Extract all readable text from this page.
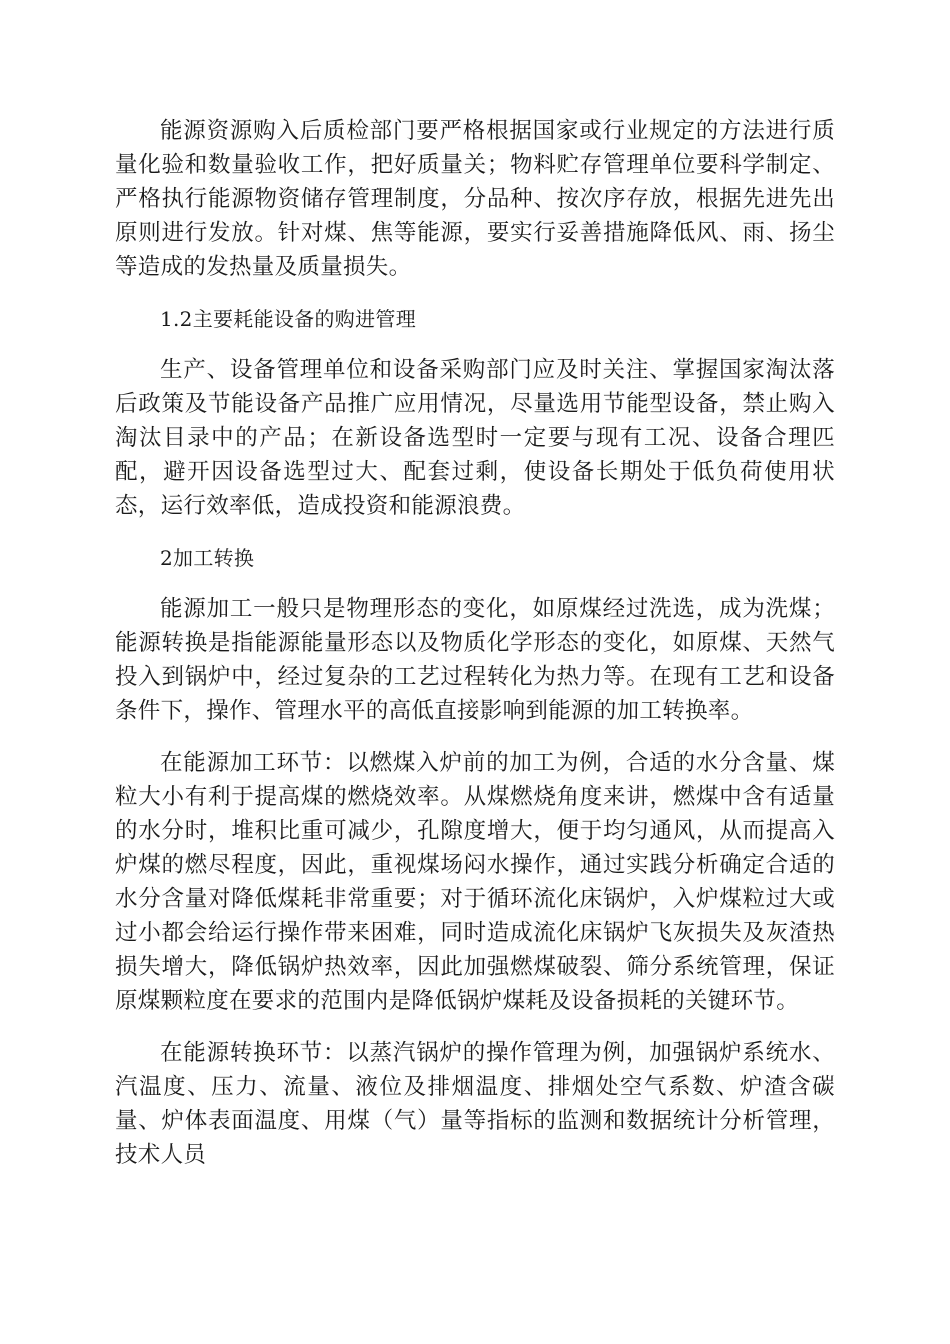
能源资源购入后质检部门要严格根据国家或行业规定的方法进行质量化验和数量验收工作，把好质量关；物料贮存管理单位要科学制定、严格执行能源物资储存管理制度，分品种、按次序存放，根据先进先出原则进行发放。针对煤、焦等能源，要实行妥善措施降低风、雨、扬尘等造成的发热量及质量损失。

1.2主要耗能设备的购进管理

生产、设备管理单位和设备采购部门应及时关注、掌握国家淘汰落后政策及节能设备产品推广应用情况，尽量选用节能型设备，禁止购入淘汰目录中的产品；在新设备选型时一定要与现有工况、设备合理匹配，避开因设备选型过大、配套过剩，使设备长期处于低负荷使用状态，运行效率低，造成投资和能源浪费。

2加工转换

能源加工一般只是物理形态的变化，如原煤经过洗选，成为洗煤；能源转换是指能源能量形态以及物质化学形态的变化，如原煤、天然气投入到锅炉中，经过复杂的工艺过程转化为热力等。在现有工艺和设备条件下，操作、管理水平的高低直接影响到能源的加工转换率。

在能源加工环节：以燃煤入炉前的加工为例，合适的水分含量、煤粒大小有利于提高煤的燃烧效率。从煤燃烧角度来讲，燃煤中含有适量的水分时，堆积比重可减少，孔隙度增大，便于均匀通风，从而提高入炉煤的燃尽程度，因此，重视煤场闷水操作，通过实践分析确定合适的水分含量对降低煤耗非常重要；对于循环流化床锅炉，入炉煤粒过大或过小都会给运行操作带来困难，同时造成流化床锅炉飞灰损失及灰渣热损失增大，降低锅炉热效率，因此加强燃煤破裂、筛分系统管理，保证原煤颗粒度在要求的范围内是降低锅炉煤耗及设备损耗的关键环节。

在能源转换环节：以蒸汽锅炉的操作管理为例，加强锅炉系统水、汽温度、压力、流量、液位及排烟温度、排烟处空气系数、炉渣含碳量、炉体表面温度、用煤（气）量等指标的监测和数据统计分析管理，技术人员
